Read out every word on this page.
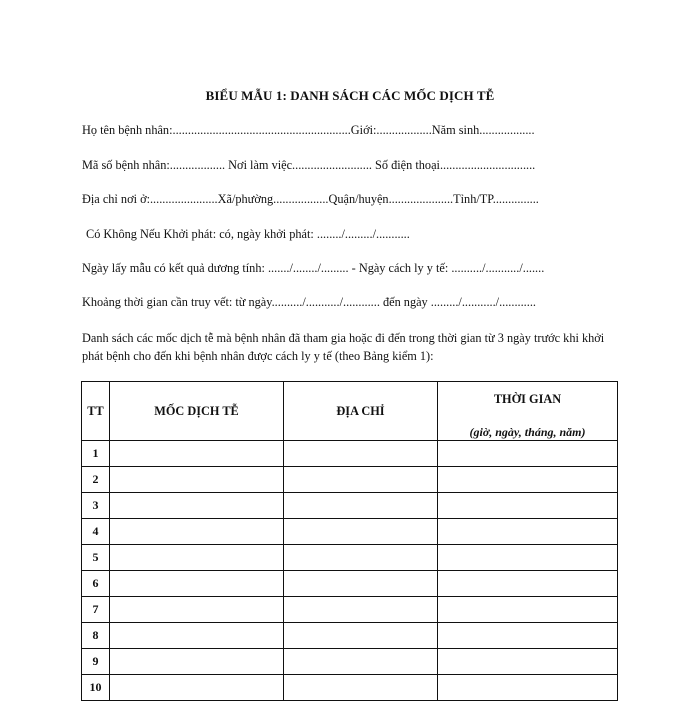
BIỂU MẪU 1: DANH SÁCH CÁC MỐC DỊCH TỄ
Họ tên bệnh nhân:..........................................................Giới:..................Năm sinh..................
Mã số bệnh nhân:.................. Nơi làm việc.......................... Số điện thoại...............................
Địa chỉ nơi ở:......................Xã/phường..................Quận/huyện.....................Tỉnh/TP...............
Có Không Nếu Khởi phát: có, ngày khởi phát: ......../........./...........
Ngày lấy mẫu có kết quả dương tính: ......./......../......... - Ngày cách ly y tế: ........../.........../.......
Khoảng thời gian cần truy vết: từ ngày........../.........../............ đến ngày ........./.........../............
Danh sách các mốc dịch tễ mà bệnh nhân đã tham gia hoặc đi đến trong thời gian từ 3 ngày trước khi khởi phát bệnh cho đến khi bệnh nhân được cách ly y tế (theo Bảng kiểm 1):
TT	MỐC DỊCH TỄ	ĐỊA CHỈ	THỜI GIAN
(giờ, ngày, tháng, năm)

1			
2			
3			
4			
5			
6			
7			
8			
9			
10			
